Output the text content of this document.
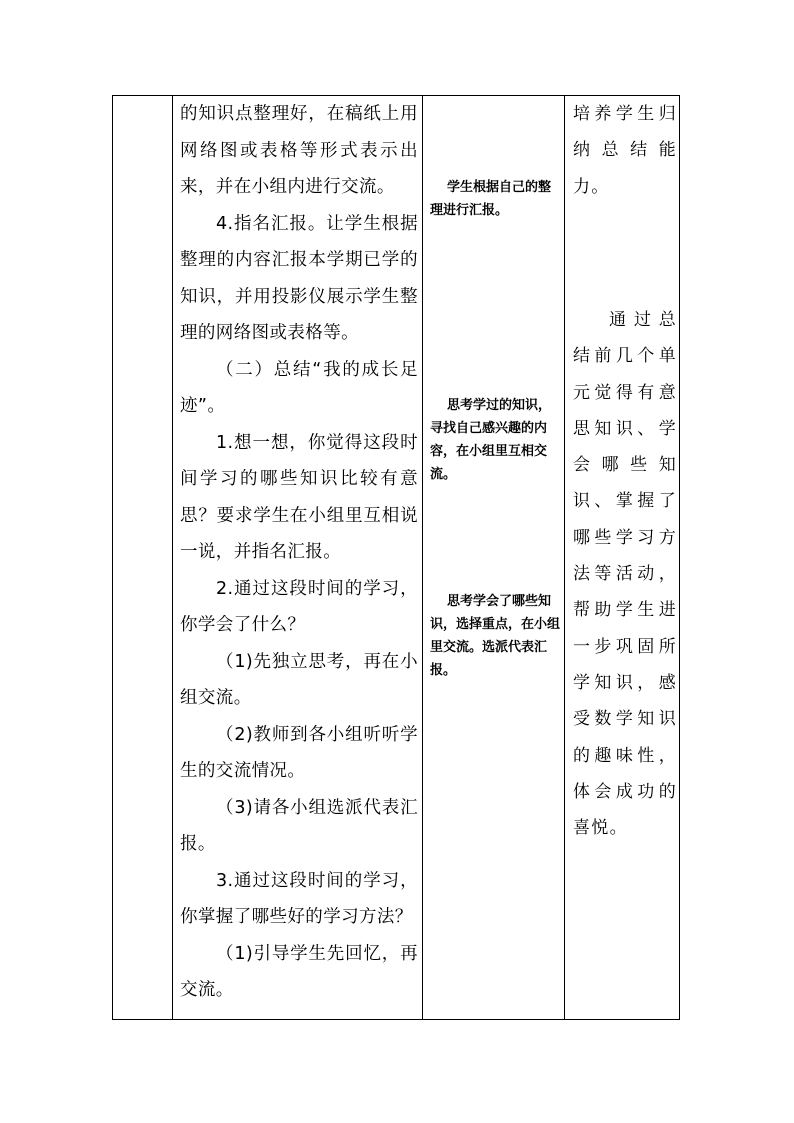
的知识点整理好，在稿纸上用网络图或表格等形式表示出来，并在小组内进行交流。

4.指名汇报。让学生根据整理的内容汇报本学期已学的知识，并用投影仪展示学生整理的网络图或表格等。

（二）总结“我的成长足迹”。

1.想一想，你觉得这段时间学习的哪些知识比较有意思？要求学生在小组里互相说一说，并指名汇报。

2.通过这段时间的学习，你学会了什么？

（1)先独立思考，再在小组交流。

（2)教师到各小组听听学生的交流情况。

（3)请各小组选派代表汇报。

3.通过这段时间的学习，你掌握了哪些好的学习方法？

（1)引导学生先回忆，再交流。

学生根据自己的整理进行汇报。

思考学过的知识，寻找自己感兴趣的内容，在小组里互相交流。

思考学会了哪些知识，选择重点，在小组里交流。选派代表汇报。

培养学生归纳总结能力。

通过总结前几个单元觉得有意思知识、学会哪些知识、掌握了哪些学习方法等活动，帮助学生进一步巩固所学知识，感受数学知识的趣味性，体会成功的喜悦。
